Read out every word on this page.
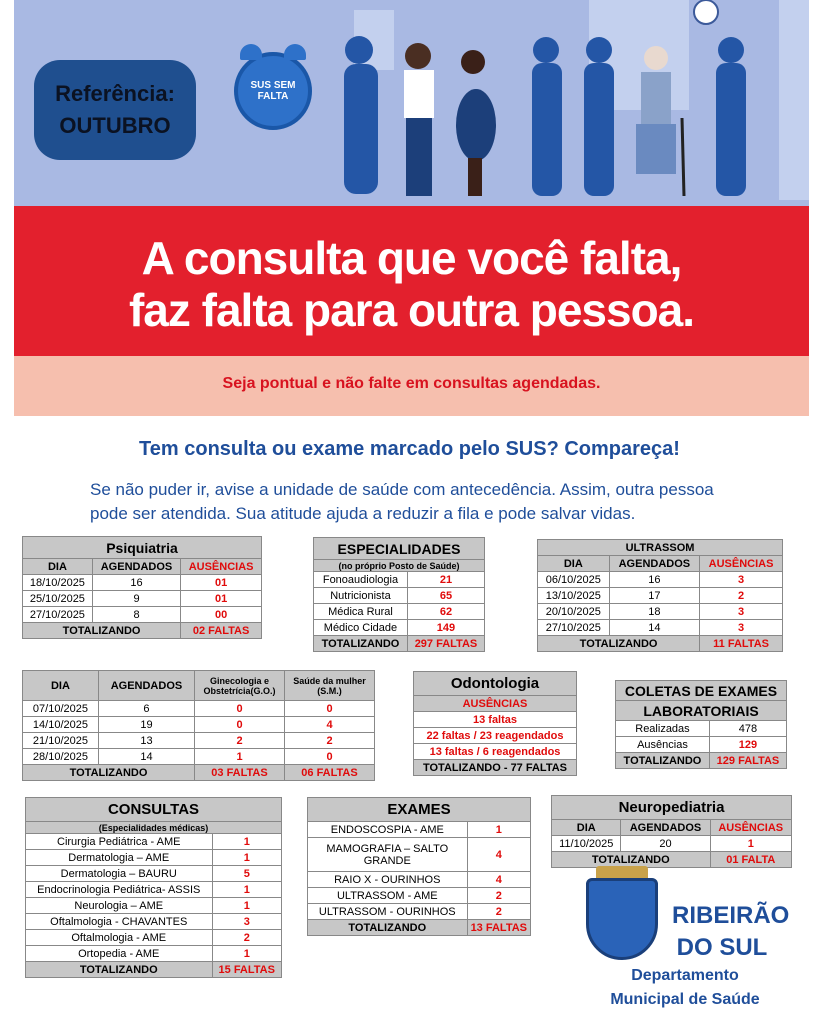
Referência:
OUTUBRO
SUS SEM
FALTA
A consulta que você falta,
faz falta para outra pessoa.
Seja pontual e não falte em consultas agendadas.
Tem consulta ou exame marcado pelo SUS? Compareça!
Se não puder ir, avise a unidade de saúde com antecedência. Assim, outra pessoa
pode ser atendida. Sua atitude ajuda a reduzir a fila e pode salvar vidas.
Psiquiatria		
DIA	AGENDADOS	AUSÊNCIAS
18/10/2025	16	01
25/10/2025	9	01
27/10/2025	8	00
TOTALIZANDO		02 FALTAS
ESPECIALIDADES	
(no próprio Posto de Saúde)	
Fonoaudiologia	21
Nutricionista	65
Médica Rural	62
Médico Cidade	149
TOTALIZANDO	297 FALTAS
ULTRASSOM		
DIA	AGENDADOS	AUSÊNCIAS
06/10/2025	16	3
13/10/2025	17	2
20/10/2025	18	3
27/10/2025	14	3
TOTALIZANDO		11 FALTAS
DIA	AGENDADOS	Ginecologia e Obstetrícia(G.O.)	Saúde da mulher (S.M.)
07/10/2025	6	0	0
14/10/2025	19	0	4
21/10/2025	13	2	2
28/10/2025	14	1	0
TOTALIZANDO		03 FALTAS	06 FALTAS
Odontologia
AUSÊNCIAS
13 faltas
22 faltas / 23 reagendados
13 faltas / 6 reagendados
TOTALIZANDO - 77 FALTAS
COLETAS DE EXAMES	
LABORATORIAIS	
Realizadas	478
Ausências	129
TOTALIZANDO	129 FALTAS
CONSULTAS	
(Especialidades médicas)	
Cirurgia Pediátrica - AME	1
Dermatologia – AME	1
Dermatologia – BAURU	5
Endocrinologia Pediátrica- ASSIS	1
Neurologia – AME	1
Oftalmologia - CHAVANTES	3
Oftalmologia - AME	2
Ortopedia - AME	1
TOTALIZANDO	15 FALTAS
EXAMES	
ENDOSCOSPIA - AME	1
MAMOGRAFIA – SALTO GRANDE	4
RAIO X - OURINHOS	4
ULTRASSOM - AME	2
ULTRASSOM - OURINHOS	2
TOTALIZANDO	13 FALTAS
Neuropediatria		
DIA	AGENDADOS	AUSÊNCIAS
11/10/2025	20	1
TOTALIZANDO		01 FALTA
RIBEIRÃO
DO SUL
Departamento
Municipal de Saúde
